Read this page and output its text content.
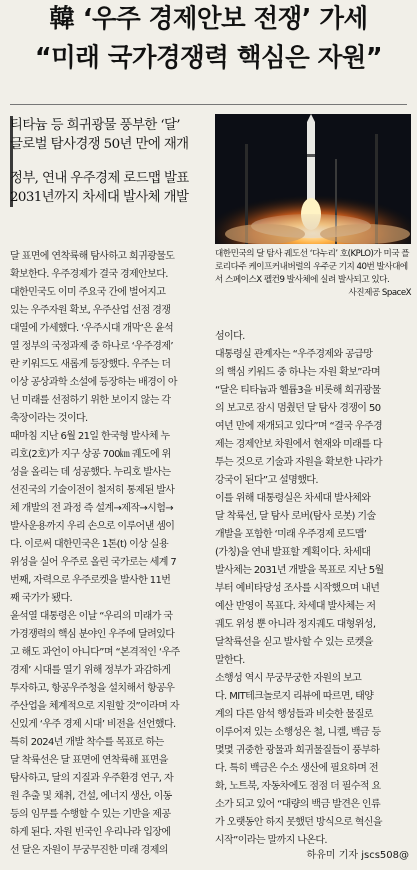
韓 ‘우주 경제안보 전쟁’ 가세
“미래 국가경쟁력 핵심은 자원”
티타늄 등 희귀광물 풍부한 ‘달’
글로벌 탐사경쟁 50년 만에 재개
정부, 연내 우주경제 로드맵 발표
2031년까지 차세대 발사체 개발
대한민국의 달 탐사 궤도선 ‘다누리’ 호(KPLO)가 미국 플로리다주 케이프커내버럴의 우주군 기지 40번 발사대에서 스페이스X 펠컨9 발사체에 실려 발사되고 있다.
사진제공 SpaceX
달 표면에 연착륙해 탐사하고 희귀광물도
확보한다. 우주경제가 결국 경제안보다.
대한민국도 이미 주요국 간에 벌어지고
있는 우주자원 확보, 우주산업 선점 경쟁
대열에 가세했다. ‘우주시대 개막’은 윤석
열 정부의 국정과제 중 하나로 ‘우주경제’
란 키워드도 새롭게 등장했다. 우주는 더
이상 공상과학 소설에 등장하는 배경이 아
닌 미래를 선점하기 위한 보이지 않는 각
축장이라는 것이다.
때마침 지난 6월 21일 한국형 발사체 누
리호(2호)가 지구 상공 700㎞ 궤도에 위
성을 올리는 데 성공했다. 누리호 발사는
선진국의 기술이전이 철저히 통제된 발사
체 개발의 전 과정 즉 설계→제작→시험→
발사운용까지 우리 손으로 이루어낸 셈이
다. 이로써 대한민국은 1톤(t) 이상 실용
위성을 실어 우주로 올린 국가로는 세계 7
번째, 자력으로 우주로켓을 발사한 11번
째 국가가 됐다.
윤석열 대통령은 이날 “우리의 미래가 국
가경쟁력의 핵심 분야인 우주에 달려있다
고 해도 과언이 아니다”며 “본격적인 ‘우주
경제’ 시대를 열기 위해 정부가 과감하게
투자하고, 항공우주청을 설치해서 항공우
주산업을 체계적으로 지원할 것”이라며 자
신있게 ‘우주 경제 시대’ 비전을 선언했다.
특히 2024년 개발 착수를 목표로 하는
달 착륙선은 달 표면에 연착륙해 표면을
탐사하고, 달의 지질과 우주환경 연구, 자
원 추출 및 채취, 건설, 에너지 생산, 이동
등의 임무를 수행할 수 있는 기반을 제공
하게 된다. 자원 빈국인 우리나라 입장에
선 달은 자원이 무궁무진한 미래 경제의
섬이다.
대통령실 관계자는 “우주경제와 공급망
의 핵심 키워드 중 하나는 자원 확보”라며
“달은 티타늄과 헬륨3을 비롯해 희귀광물
의 보고로 잠시 멈췄던 달 탐사 경쟁이 50
여년 만에 재개되고 있다”며 “결국 우주경
제는 경제안보 차원에서 현재와 미래를 다
투는 것으로 기술과 자원을 확보한 나라가
강국이 된다”고 설명했다.
이를 위해 대통령실은 차세대 발사체와
달 착륙선, 달 탐사 로버(탐사 로봇) 기술
개발을 포함한 ‘미래 우주경제 로드맵’
(가칭)을 연내 발표할 계획이다. 차세대
발사체는 2031년 개발을 목표로 지난 5월
부터 예비타당성 조사를 시작했으며 내년
예산 반영이 목표다. 차세대 발사체는 저
궤도 위성 뿐 아니라 정지궤도 대형위성,
달착륙선을 싣고 발사할 수 있는 로켓을
말한다.
소행성 역시 무궁무궁한 자원의 보고
다. MIT테크놀로지 리뷰에 따르면, 태양
계의 다른 암석 행성들과 비슷한 물질로
이루어져 있는 소행성은 철, 니켈, 백금 등
몇몇 귀중한 광물과 희귀물질들이 풍부하
다. 특히 백금은 수소 생산에 필요하며 전
화, 노트북, 자동차에도 점점 더 필수적 요
소가 되고 있어 “대량의 백금 발견은 인류
가 오랫동안 하지 못했던 방식으로 혁신을
시작”이라는 말까지 나온다.
하유미 기자 jscs508@
